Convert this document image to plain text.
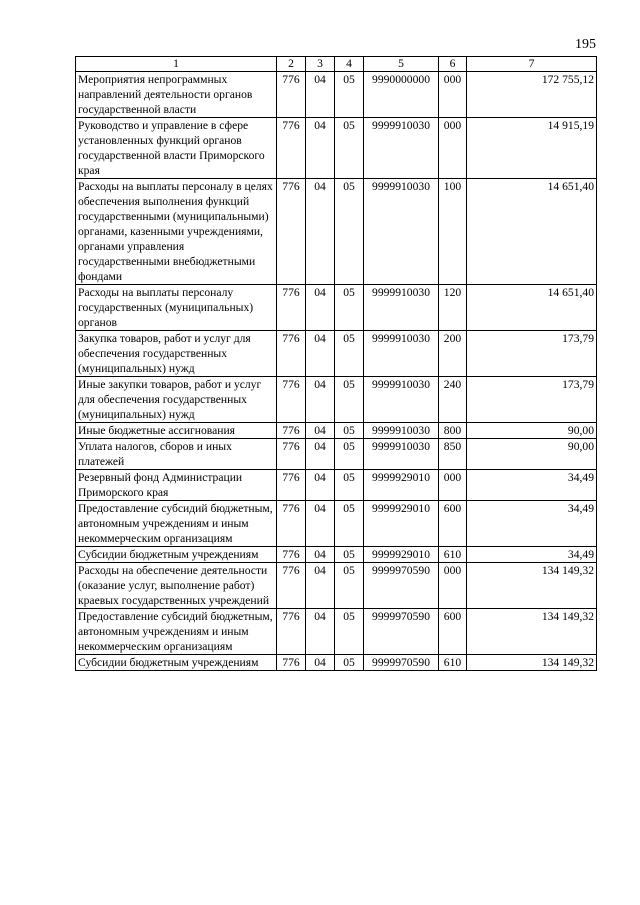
195
1	2	3	4	5	6	7
Мероприятия непрограммных направлений деятельности органов государственной власти	776	04	05	9990000000	000	172 755,12
Руководство и управление в сфере установленных функций органов государственной власти Приморского края	776	04	05	9999910030	000	14 915,19
Расходы на выплаты персоналу в целях обеспечения выполнения функций государственными (муниципальными) органами, казенными учреждениями, органами управления государственными внебюджетными фондами	776	04	05	9999910030	100	14 651,40
Расходы на выплаты персоналу государственных (муниципальных) органов	776	04	05	9999910030	120	14 651,40
Закупка товаров, работ и услуг для обеспечения государственных (муниципальных) нужд	776	04	05	9999910030	200	173,79
Иные закупки товаров, работ и услуг для обеспечения государственных (муниципальных) нужд	776	04	05	9999910030	240	173,79
Иные бюджетные ассигнования	776	04	05	9999910030	800	90,00
Уплата налогов, сборов и иных платежей	776	04	05	9999910030	850	90,00
Резервный фонд Администрации Приморского края	776	04	05	9999929010	000	34,49
Предоставление субсидий бюджетным, автономным учреждениям и иным некоммерческим организациям	776	04	05	9999929010	600	34,49
Субсидии бюджетным учреждениям	776	04	05	9999929010	610	34,49
Расходы на обеспечение деятельности (оказание услуг, выполнение работ) краевых государственных учреждений	776	04	05	9999970590	000	134 149,32
Предоставление субсидий бюджетным, автономным учреждениям и иным некоммерческим организациям	776	04	05	9999970590	600	134 149,32
Субсидии бюджетным учреждениям	776	04	05	9999970590	610	134 149,32
